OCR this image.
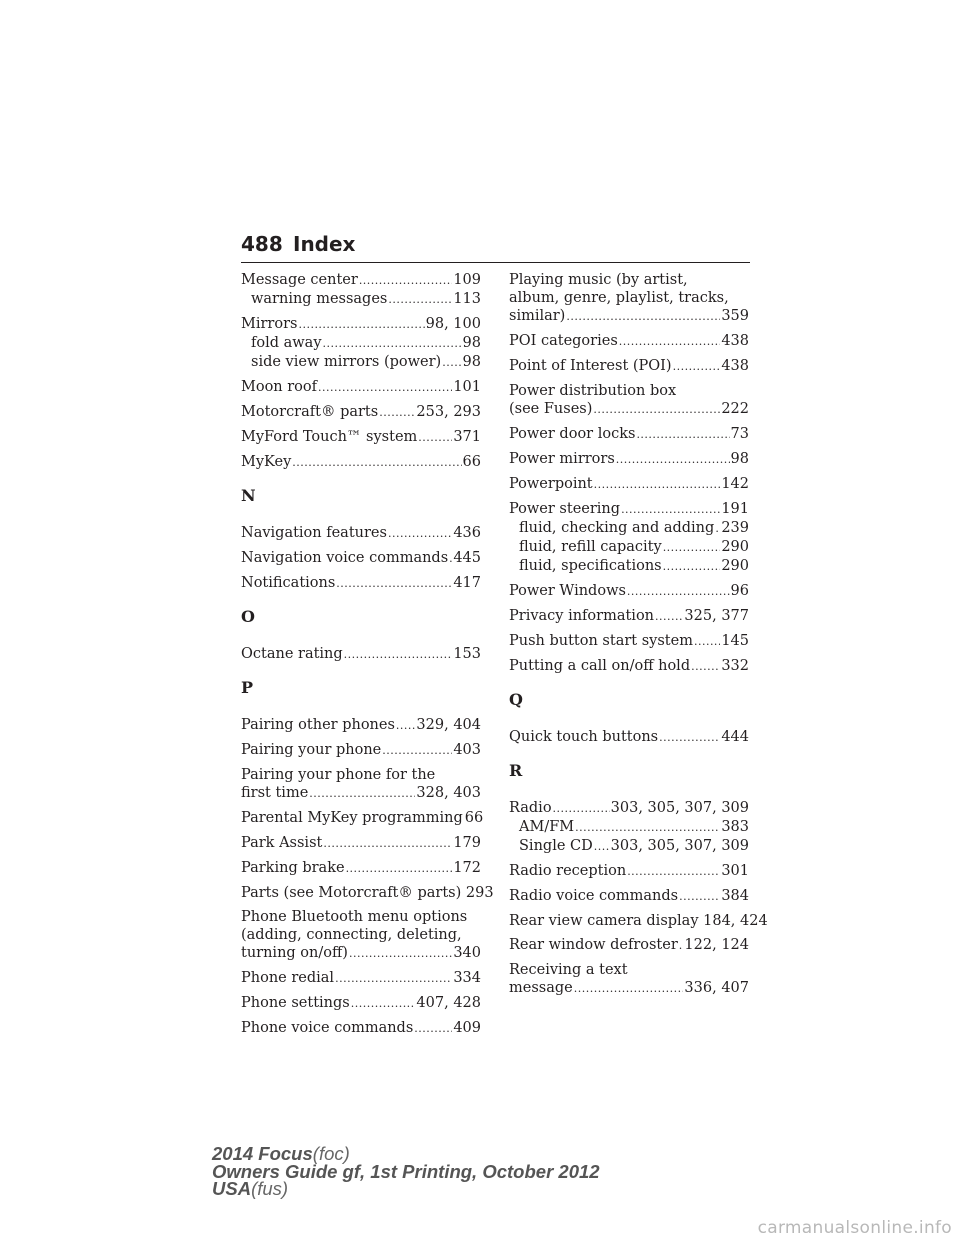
488 Index
Message center .....	109
warning messages .....	113
Mirrors .....	98, 100
fold away .....	98
side view mirrors (power) ..... 98
Moon roof .....	101
Motorcraft® parts .....	253, 293
MyFord Touch™ system ..... 371
MyKey .....	66
N
Navigation features .....	436
Navigation voice commands ..... 445
Notifications .....	417
O
Octane rating .....	153
P
Pairing other phones ..... 329, 404
Pairing your phone .....	403
Pairing your phone for the
first time .....	328, 403
Parental MyKey programming 66
Park Assist .....	179
Parking brake .....	172
Parts (see Motorcraft® parts) 293
Phone Bluetooth menu options
(adding, connecting, deleting,
turning on/off) .....	340
Phone redial .....	334
Phone settings .....	407, 428
Phone voice commands .....	409
Playing music (by artist,
album, genre, playlist, tracks,
similar) .....	359
POI categories .....	438
Point of Interest (POI) .....	438
Power distribution box
(see Fuses) .....	222
Power door locks .....	73
Power mirrors .....	98
Powerpoint .....	142
Power steering .....	191
fluid, checking and adding ..... 239
fluid, refill capacity .....	290
fluid, specifications .....	290
Power Windows .....	96
Privacy information ..... 325, 377
Push button start system ..... 145
Putting a call on/off hold ..... 332
Q
Quick touch buttons .....	444
R
Radio .....	303, 305, 307, 309
AM/FM .....	383
Single CD ..... 303, 305, 307, 309
Radio reception .....	301
Radio voice commands .....	384
Rear view camera display 184, 424
Rear window defroster ..... 122, 124
Receiving a text
message .....	336, 407
2014 Focus(foc)
Owners Guide gf, 1st Printing, October 2012
USA(fus)
carmanualsonline.info
